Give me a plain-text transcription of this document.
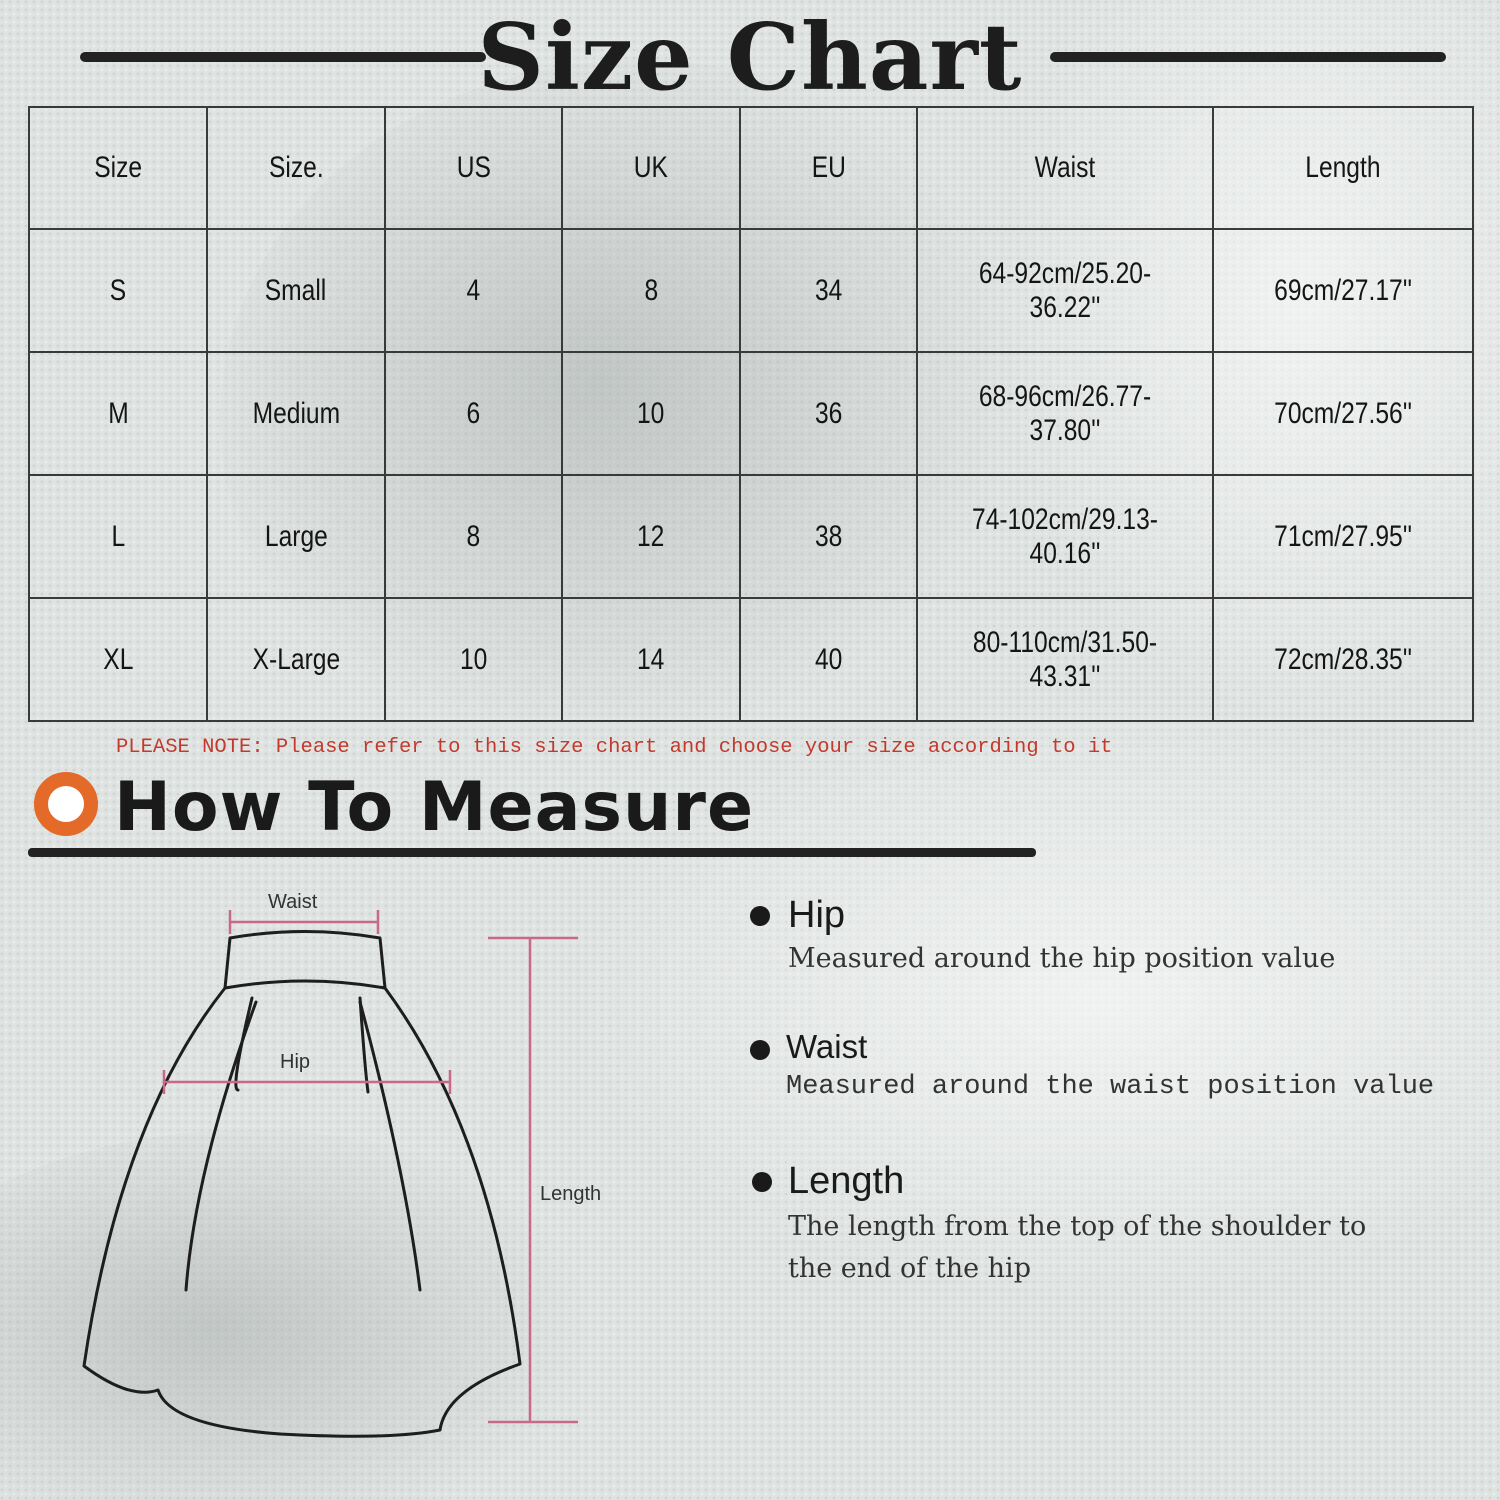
Size Chart
Size	Size.	US	UK	EU	Waist	Length
S	Small	4	8	34	64-92cm/25.20-36.22''	69cm/27.17''
M	Medium	6	10	36	68-96cm/26.77-37.80''	70cm/27.56''
L	Large	8	12	38	74-102cm/29.13-40.16''	71cm/27.95''
XL	X-Large	10	14	40	80-110cm/31.50-43.31''	72cm/28.35''
PLEASE NOTE: Please refer to this size chart and choose your size according to it
How To Measure
Waist
Hip
Length
Hip
Measured around the hip position value
Waist
Measured around the waist position value
Length
The length from the top of the shoulder to
the end of the hip
